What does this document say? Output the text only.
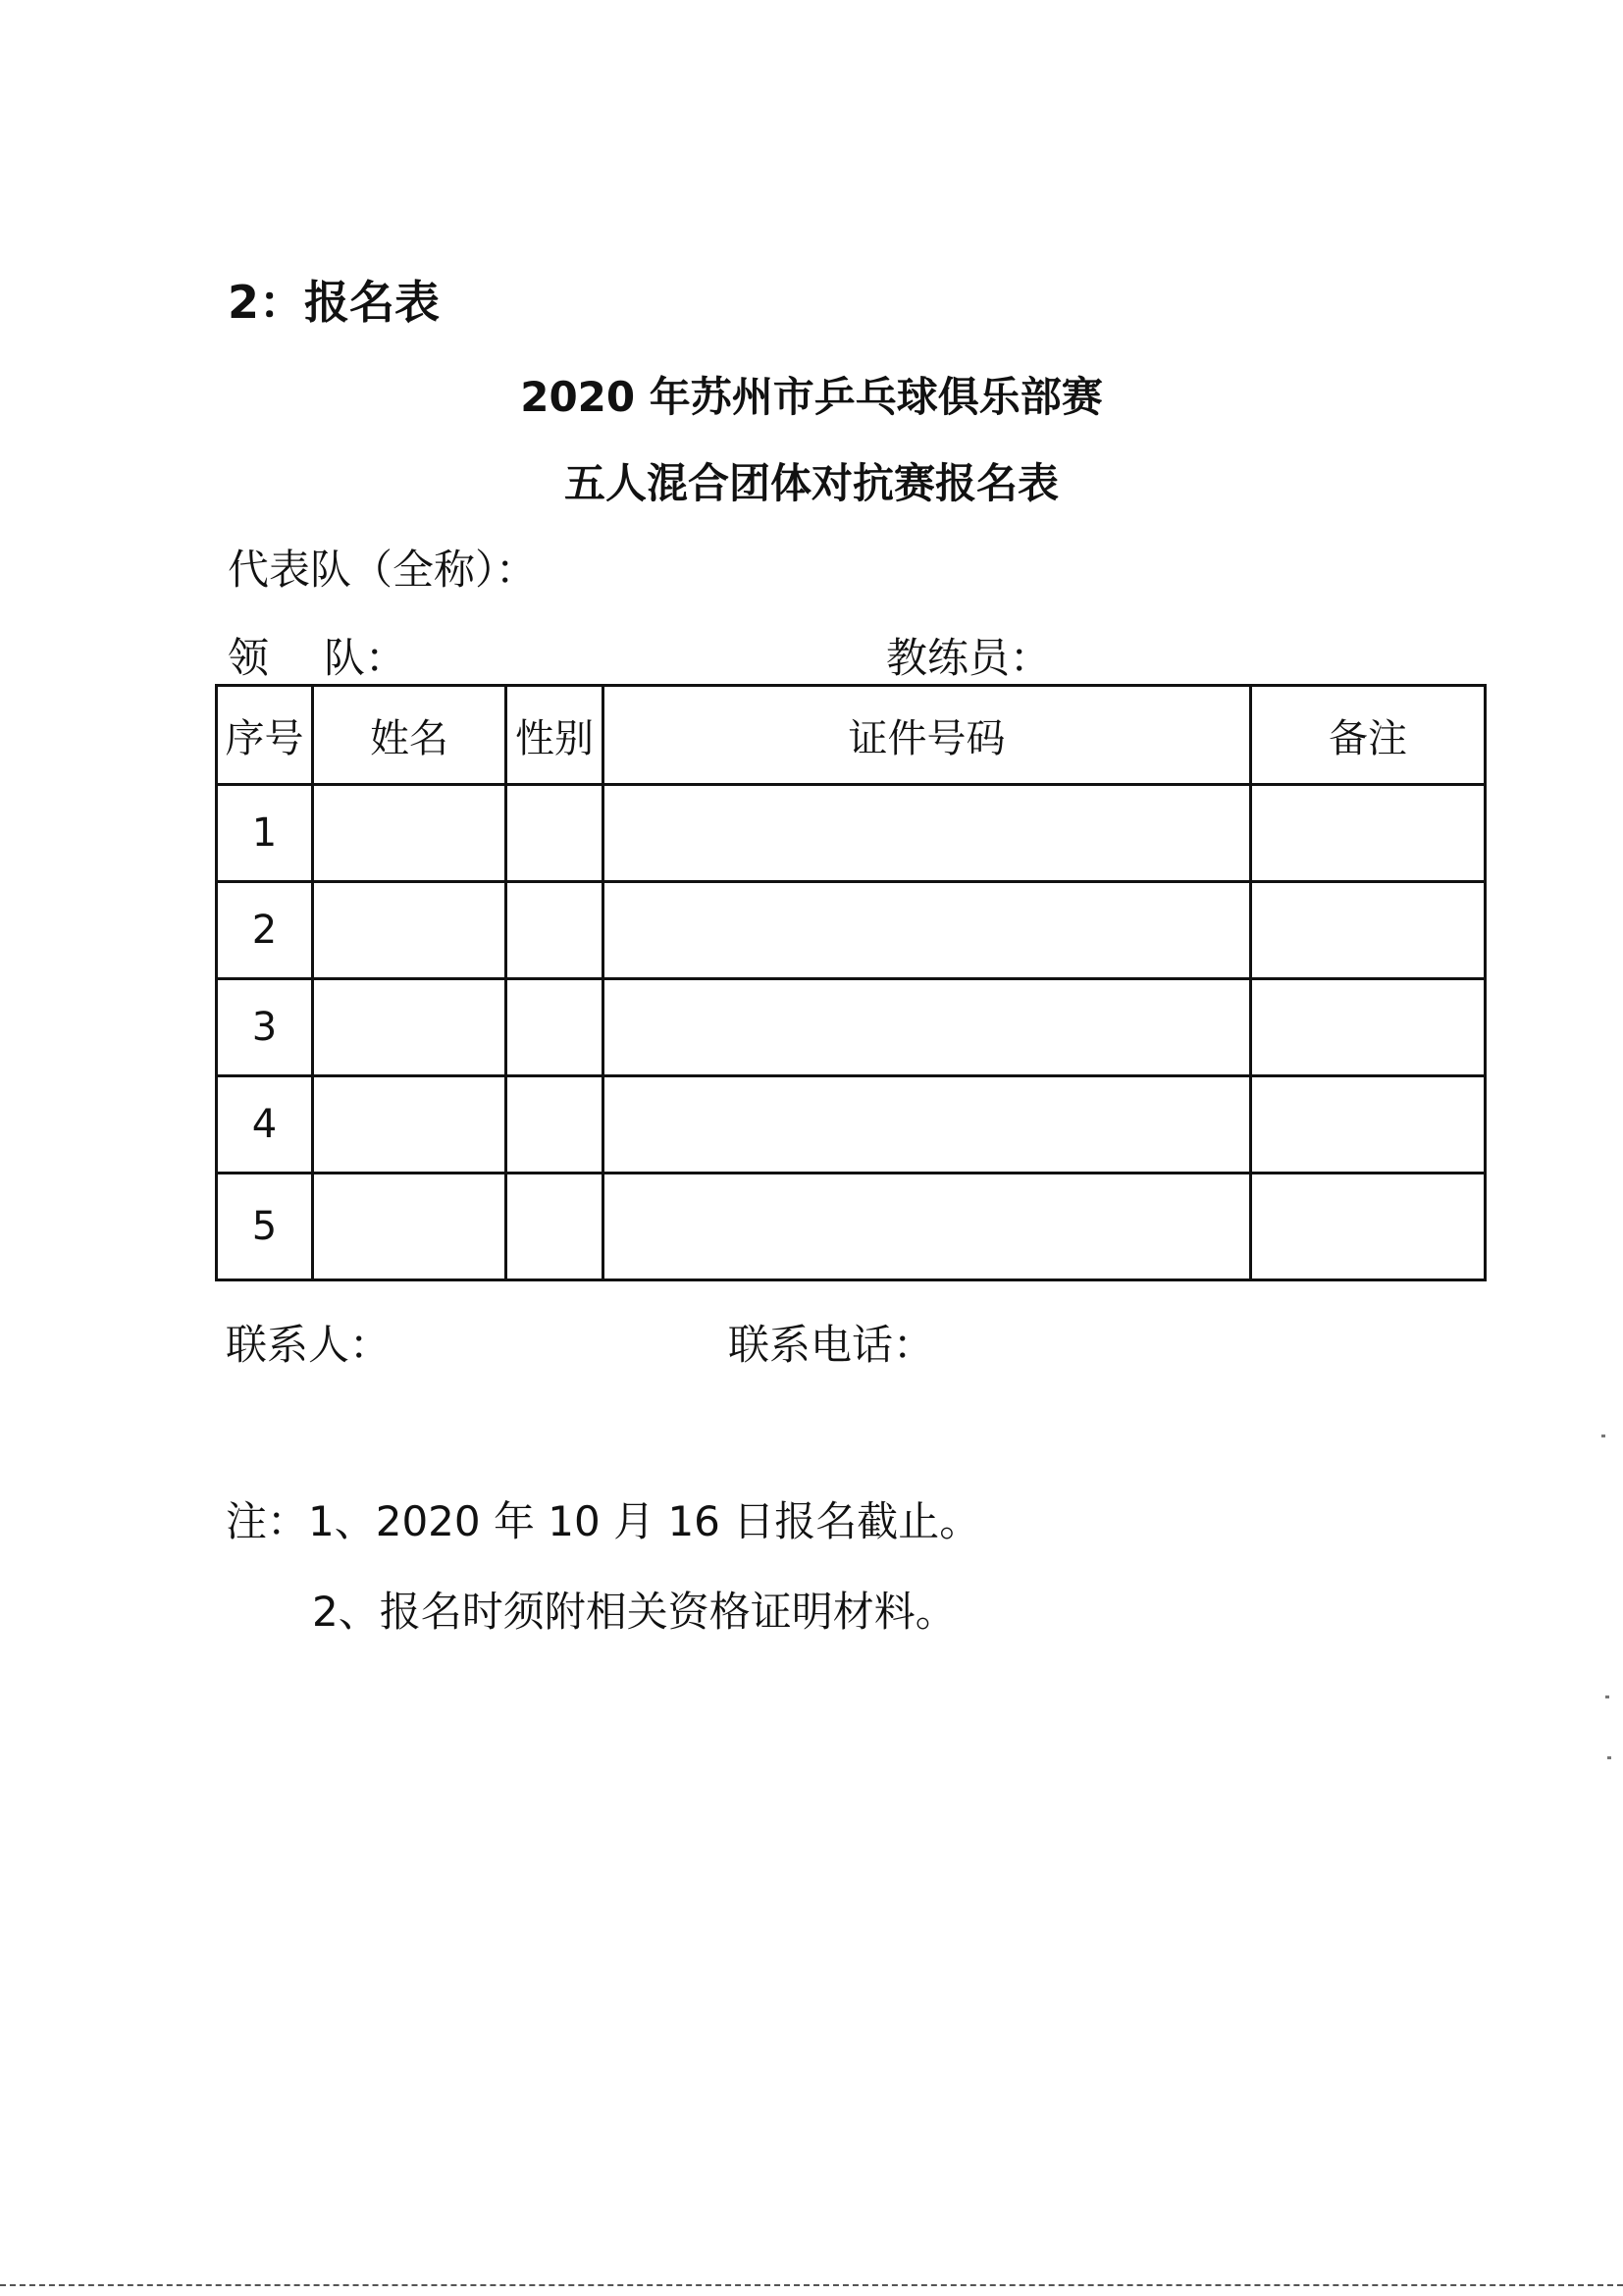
2：报名表
2020 年苏州市乒乓球俱乐部赛
五人混合团体对抗赛报名表
代表队（全称）：
领 队：	教练员：
序号	姓名	性别	证件号码	备注
1				
2				
3				
4				
5				
联系人：	联系电话：
注：1、2020 年 10 月 16 日报名截止。
2、报名时须附相关资格证明材料。
